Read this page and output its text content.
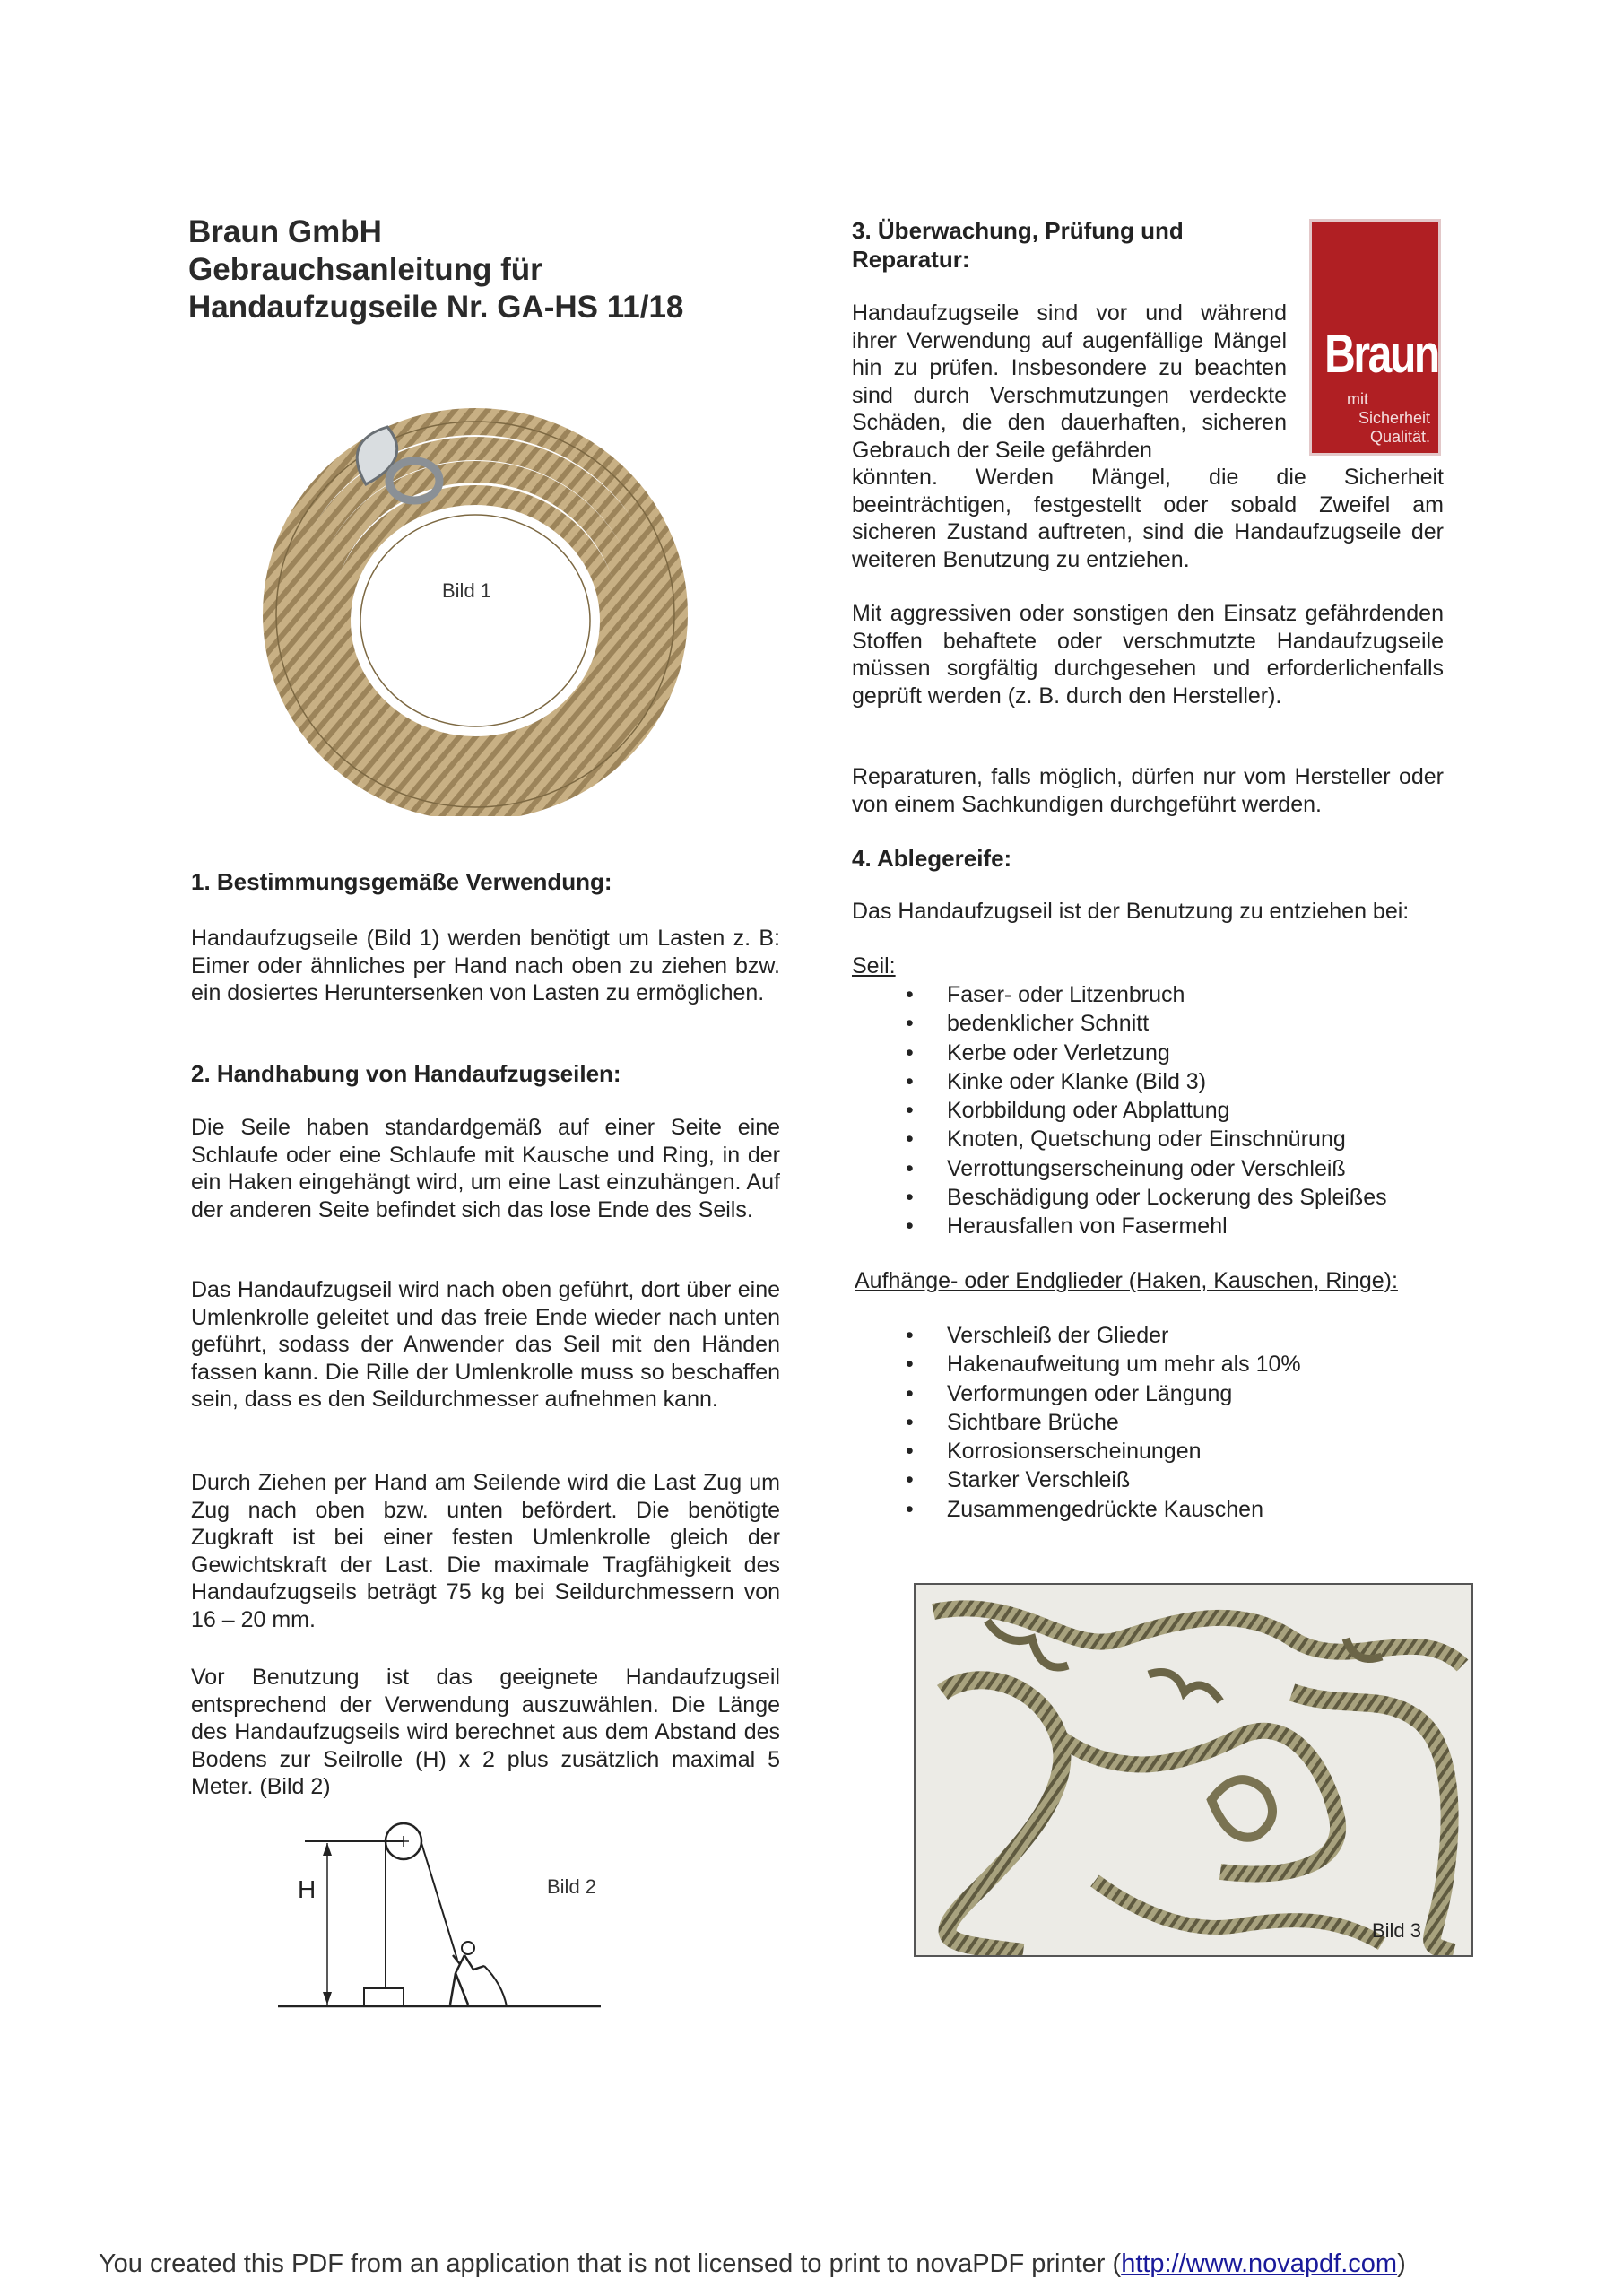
Braun GmbH
Gebrauchsanleitung für
Handaufzugseile Nr. GA-HS 11/18
Bild 1
1. Bestimmungsgemäße Verwendung:
Handaufzugseile (Bild 1) werden benötigt um Lasten z. B: Eimer oder ähnliches per Hand nach oben zu ziehen bzw. ein dosiertes Heruntersenken von Lasten zu ermöglichen.
2. Handhabung von Handaufzugseilen:
Die Seile haben standardgemäß auf einer Seite eine Schlaufe oder eine Schlaufe mit Kausche und Ring, in der ein Haken eingehängt wird, um eine Last einzuhängen. Auf der anderen Seite befindet sich das lose Ende des Seils.
Das Handaufzugseil wird nach oben geführt, dort über eine Umlenkrolle geleitet und das freie Ende wieder nach unten geführt, sodass der Anwender das Seil mit den Händen fassen kann. Die Rille der Umlenkrolle muss so beschaffen sein, dass es den Seildurchmesser aufnehmen kann.
Durch Ziehen per Hand am Seilende wird die Last Zug um Zug nach oben bzw. unten befördert. Die benötigte Zugkraft ist bei einer festen Umlenkrolle gleich der Gewichtskraft der Last. Die maximale Tragfähigkeit des Handaufzugseils beträgt 75 kg bei Seildurchmessern von 16 – 20 mm.
Vor Benutzung ist das geeignete Handaufzugseil entsprechend der Verwendung auszuwählen. Die Länge des Handaufzugseils wird berechnet aus dem Abstand des Bodens zur Seilrolle (H) x 2 plus zusätzlich maximal 5 Meter. (Bild 2)
H	Bild 2
3. Überwachung, Prüfung und
Reparatur:
Braun
mit
Sicherheit
Qualität.
Handaufzugseile sind vor und während ihrer Verwendung auf augenfällige Mängel hin zu prüfen. Insbesondere zu beachten sind durch Verschmutzungen verdeckte Schäden, die den dauerhaften, sicheren Gebrauch der Seile gefährden
könnten. Werden Mängel, die die Sicherheit beeinträchtigen, festgestellt oder sobald Zweifel am sicheren Zustand auftreten, sind die Handaufzugseile der weiteren Benutzung zu entziehen.
Mit aggressiven oder sonstigen den Einsatz gefährdenden Stoffen behaftete oder verschmutzte Handaufzugseile müssen sorgfältig durchgesehen und erforderlichenfalls geprüft werden (z. B. durch den Hersteller).
Reparaturen, falls möglich, dürfen nur vom Hersteller oder von einem Sachkundigen durchgeführt werden.
4. Ablegereife:
Das Handaufzugseil ist der Benutzung zu entziehen bei:
Seil:
• Faser- oder Litzenbruch
• bedenklicher Schnitt
• Kerbe oder Verletzung
• Kinke oder Klanke (Bild 3)
• Korbbildung oder Abplattung
• Knoten, Quetschung oder Einschnürung
• Verrottungserscheinung oder Verschleiß
• Beschädigung oder Lockerung des Spleißes
• Herausfallen von Fasermehl
Aufhänge- oder Endglieder (Haken, Kauschen, Ringe):
• Verschleiß der Glieder
• Hakenaufweitung um mehr als 10%
• Verformungen oder Längung
• Sichtbare Brüche
• Korrosionserscheinungen
• Starker Verschleiß
• Zusammengedrückte Kauschen
Bild 3
You created this PDF from an application that is not licensed to print to novaPDF printer (http://www.novapdf.com)
